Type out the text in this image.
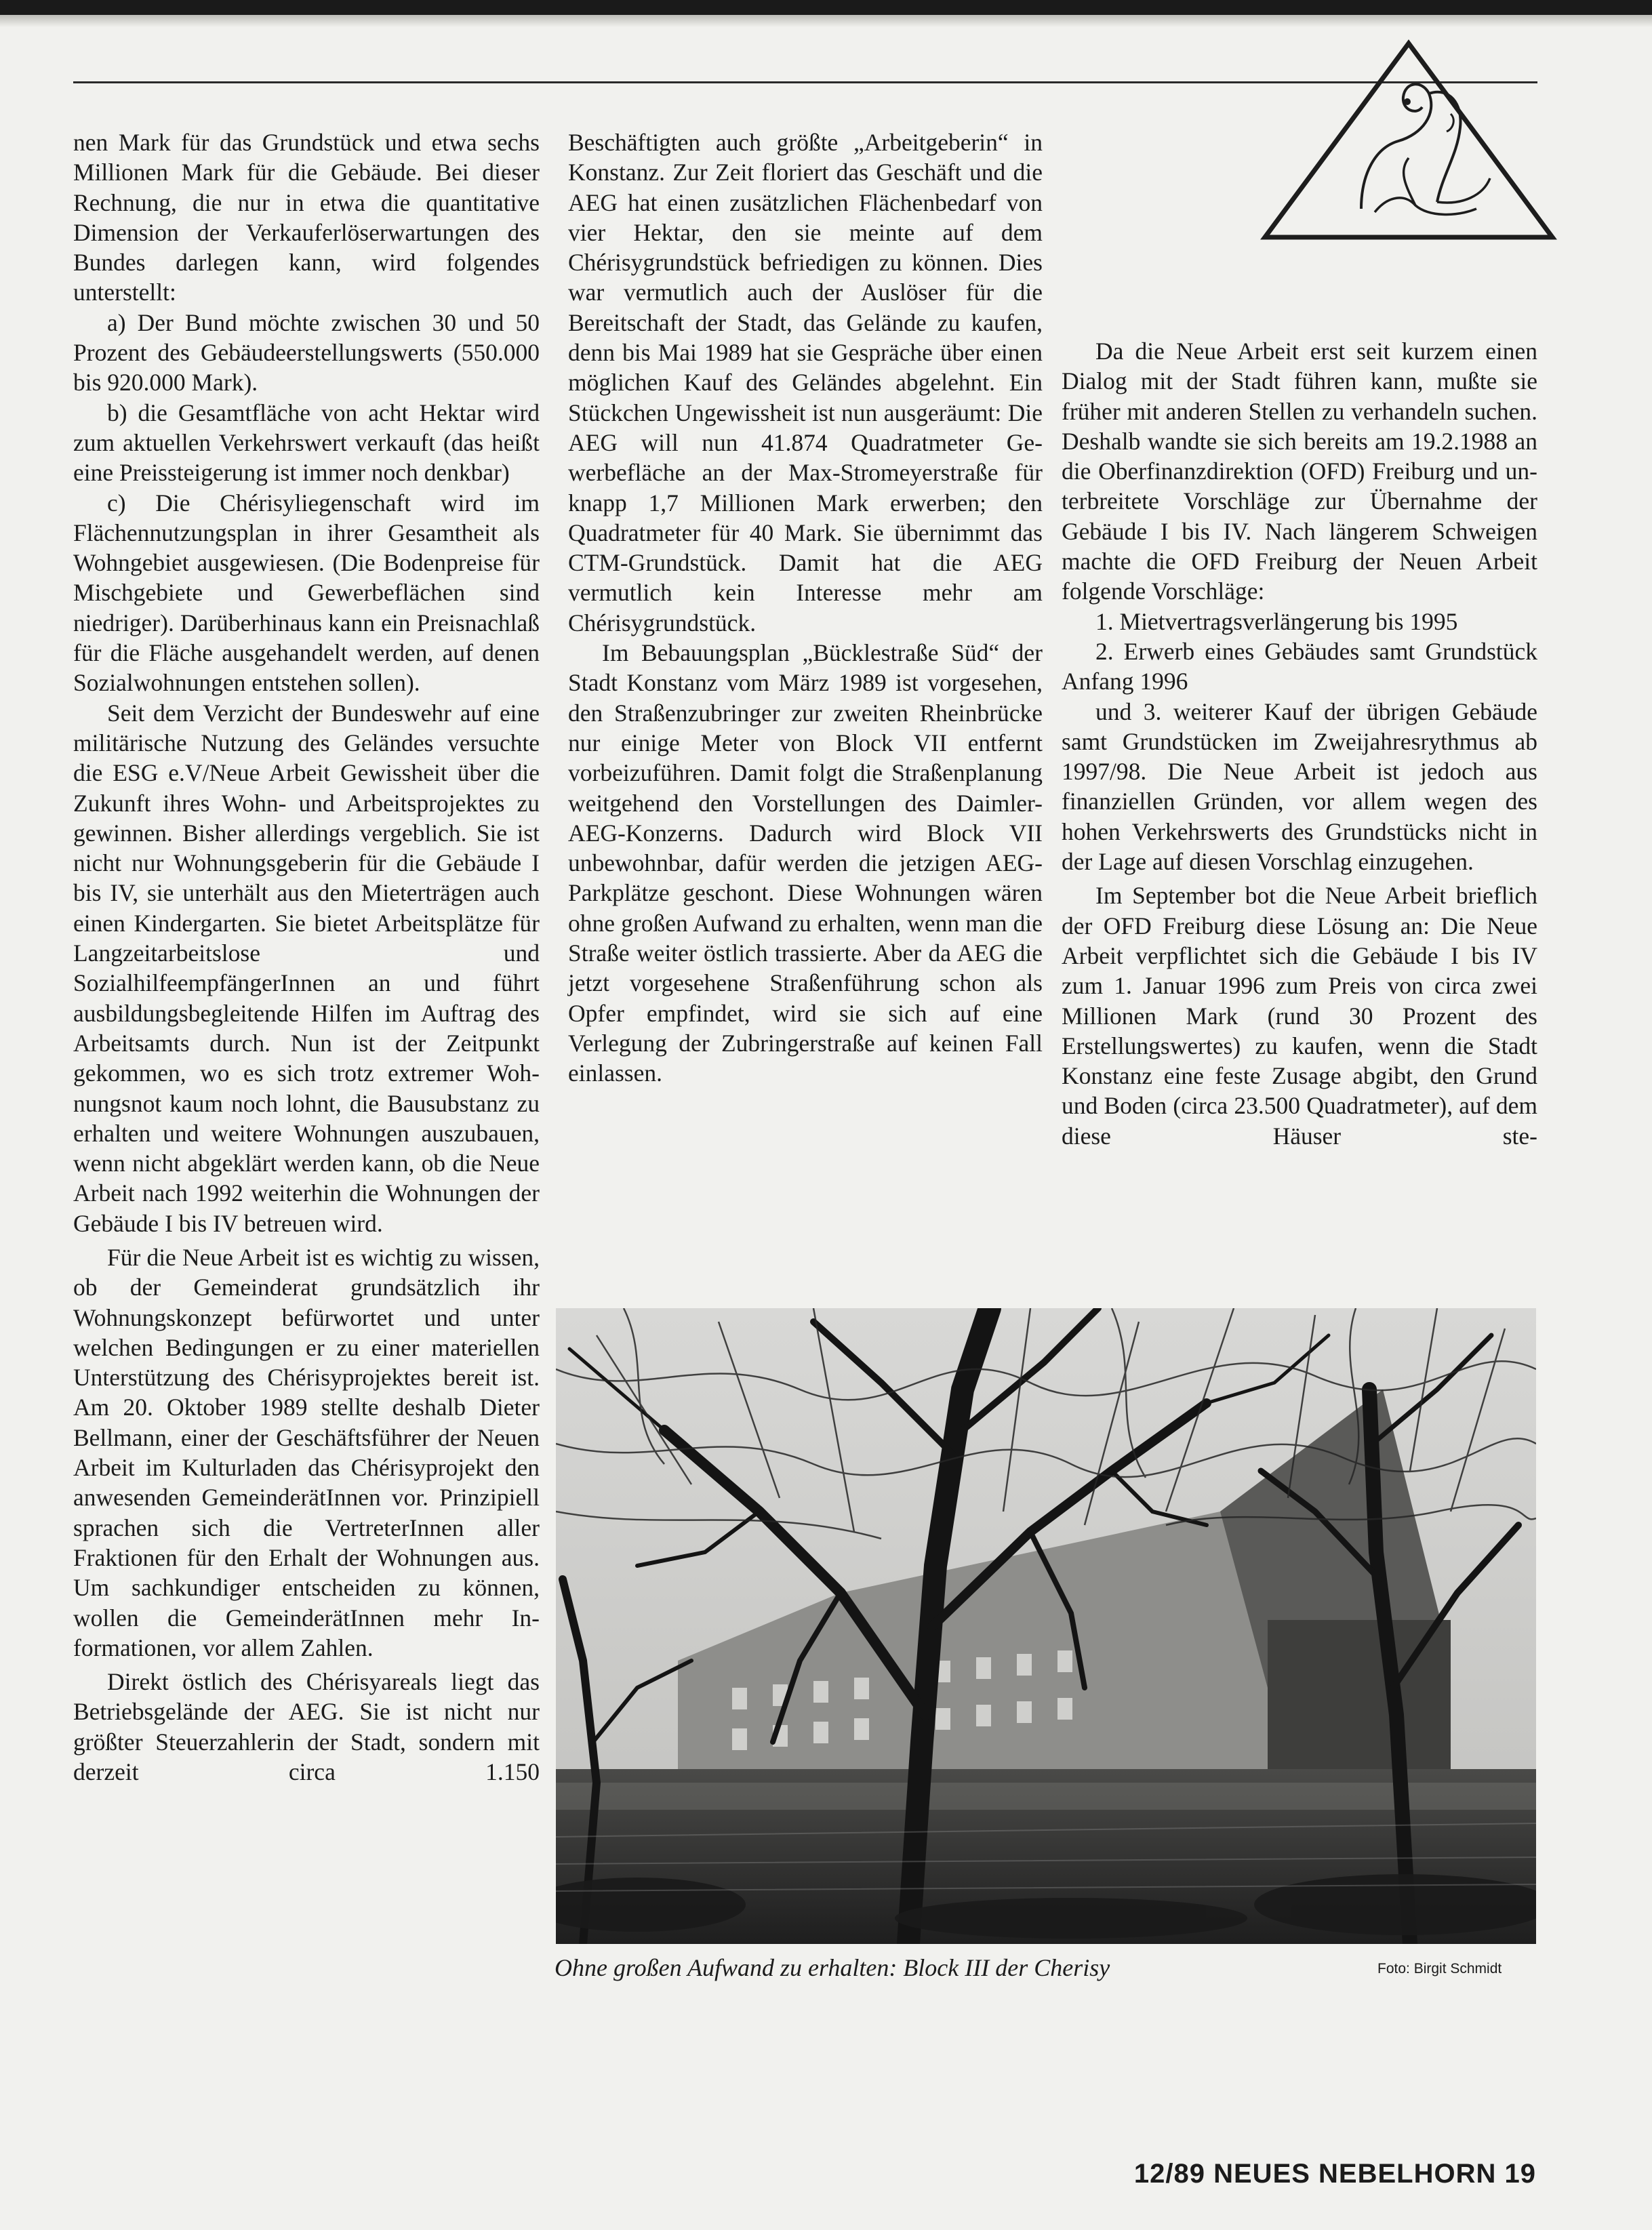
nen Mark für das Grundstück und etwa sechs Millionen Mark für die Gebäude. Bei dieser Rechnung, die nur in etwa die quantitative Dimension der Verkauferlöserwartungen des Bundes darlegen kann, wird folgendes unterstellt:

a) Der Bund möchte zwischen 30 und 50 Prozent des Gebäudeerstellungswerts (550.000 bis 920.000 Mark).

b) die Gesamtfläche von acht Hektar wird zum aktuellen Verkehrswert verkauft (das heißt eine Preissteigerung ist immer noch denkbar)

c) Die Chérisyliegenschaft wird im Flächennutzungsplan in ihrer Gesamtheit als Wohngebiet ausgewiesen. (Die Bodenpreise für Mischgebiete und Gewerbeflächen sind niedriger). Darüberhinaus kann ein Preisnachlaß für die Fläche ausgehandelt werden, auf denen Sozialwohnungen entstehen sollen).

Seit dem Verzicht der Bundeswehr auf eine militärische Nutzung des Geländes versuchte die ESG e.V/Neue Arbeit Gewissheit über die Zukunft ihres Wohn- und Arbeitsprojektes zu gewinnen. Bisher allerdings vergeblich. Sie ist nicht nur Wohnungsgeberin für die Gebäude I bis IV, sie unterhält aus den Mieterträgen auch einen Kindergarten. Sie bietet Arbeitsplätze für Langzeitarbeitslose und SozialhilfeempfängerInnen an und führt ausbildungsbegleitende Hilfen im Auftrag des Arbeitsamts durch. Nun ist der Zeitpunkt gekommen, wo es sich trotz extremer Wohnungsnot kaum noch lohnt, die Bausubstanz zu erhalten und weitere Wohnungen auszubauen, wenn nicht abgeklärt werden kann, ob die Neue Arbeit nach 1992 weiterhin die Wohnungen der Gebäude I bis IV betreuen wird.

Für die Neue Arbeit ist es wichtig zu wissen, ob der Gemeinderat grundsätzlich ihr Wohnungskonzept befürwortet und unter welchen Bedingungen er zu einer materiellen Unterstützung des Chérisyprojektes bereit ist. Am 20. Oktober 1989 stellte deshalb Dieter Bellmann, einer der Geschäftsführer der Neuen Arbeit im Kulturladen das Chérisyprojekt den anwesenden GemeinderätInnen vor. Prinzipiell sprachen sich die VertreterInnen aller Fraktionen für den Erhalt der Wohnungen aus. Um sachkundiger entscheiden zu können, wollen die GemeinderätInnen mehr Informationen, vor allem Zahlen.

Direkt östlich des Chérisyareals liegt das Betriebsgelände der AEG. Sie ist nicht nur größter Steuerzahlerin der Stadt, sondern mit derzeit circa 1.150

Beschäftigten auch größte „Arbeitgeberin“ in Konstanz. Zur Zeit floriert das Geschäft und die AEG hat einen zusätzlichen Flächenbedarf von vier Hektar, den sie meinte auf dem Chérisygrundstück befriedigen zu können. Dies war vermutlich auch der Auslöser für die Bereitschaft der Stadt, das Gelände zu kaufen, denn bis Mai 1989 hat sie Gespräche über einen möglichen Kauf des Geländes abgelehnt. Ein Stückchen Ungewissheit ist nun ausgeräumt: Die AEG will nun 41.874 Quadratmeter Gewerbefläche an der Max-Stromeyerstraße für knapp 1,7 Millionen Mark erwerben; den Quadratmeter für 40 Mark. Sie übernimmt das CTM-Grundstück. Damit hat die AEG vermutlich kein Interesse mehr am Chérisygrundstück.

Im Bebauungsplan „Bücklestraße Süd“ der Stadt Konstanz vom März 1989 ist vorgesehen, den Straßenzubringer zur zweiten Rheinbrücke nur einige Meter von Block VII entfernt vorbeizuführen. Damit folgt die Straßenplanung weitgehend den Vorstellungen des Daimler-AEG-Konzerns. Dadurch wird Block VII unbewohnbar, dafür werden die jetzigen AEG-Parkplätze geschont. Diese Wohnungen wären ohne großen Aufwand zu erhalten, wenn man die Straße weiter östlich trassierte. Aber da AEG die jetzt vorgesehene Straßenführung schon als Opfer empfindet, wird sie sich auf eine Verlegung der Zubringerstraße auf keinen Fall einlassen.

Da die Neue Arbeit erst seit kurzem einen Dialog mit der Stadt führen kann, mußte sie früher mit anderen Stellen zu verhandeln suchen. Deshalb wandte sie sich bereits am 19.2.1988 an die Oberfinanzdirektion (OFD) Freiburg und unterbreitete Vorschläge zur Übernahme der Gebäude I bis IV. Nach längerem Schweigen machte die OFD Freiburg der Neuen Arbeit folgende Vorschläge:

1. Mietvertragsverlängerung bis 1995

2. Erwerb eines Gebäudes samt Grundstück Anfang 1996

und 3. weiterer Kauf der übrigen Gebäude samt Grundstücken im Zweijahresrythmus ab 1997/98. Die Neue Arbeit ist jedoch aus finanziellen Gründen, vor allem wegen des hohen Verkehrswerts des Grundstücks nicht in der Lage auf diesen Vorschlag einzugehen.

Im September bot die Neue Arbeit brieflich der OFD Freiburg diese Lösung an: Die Neue Arbeit verpflichtet sich die Gebäude I bis IV zum 1. Januar 1996 zum Preis von circa zwei Millionen Mark (rund 30 Prozent des Erstellungswertes) zu kaufen, wenn die Stadt Konstanz eine feste Zusage abgibt, den Grund und Boden (circa 23.500 Quadratmeter), auf dem diese Häuser ste-

Ohne großen Aufwand zu erhalten: Block III der Cherisy	Foto: Birgit Schmidt
12/89 NEUES NEBELHORN 19
